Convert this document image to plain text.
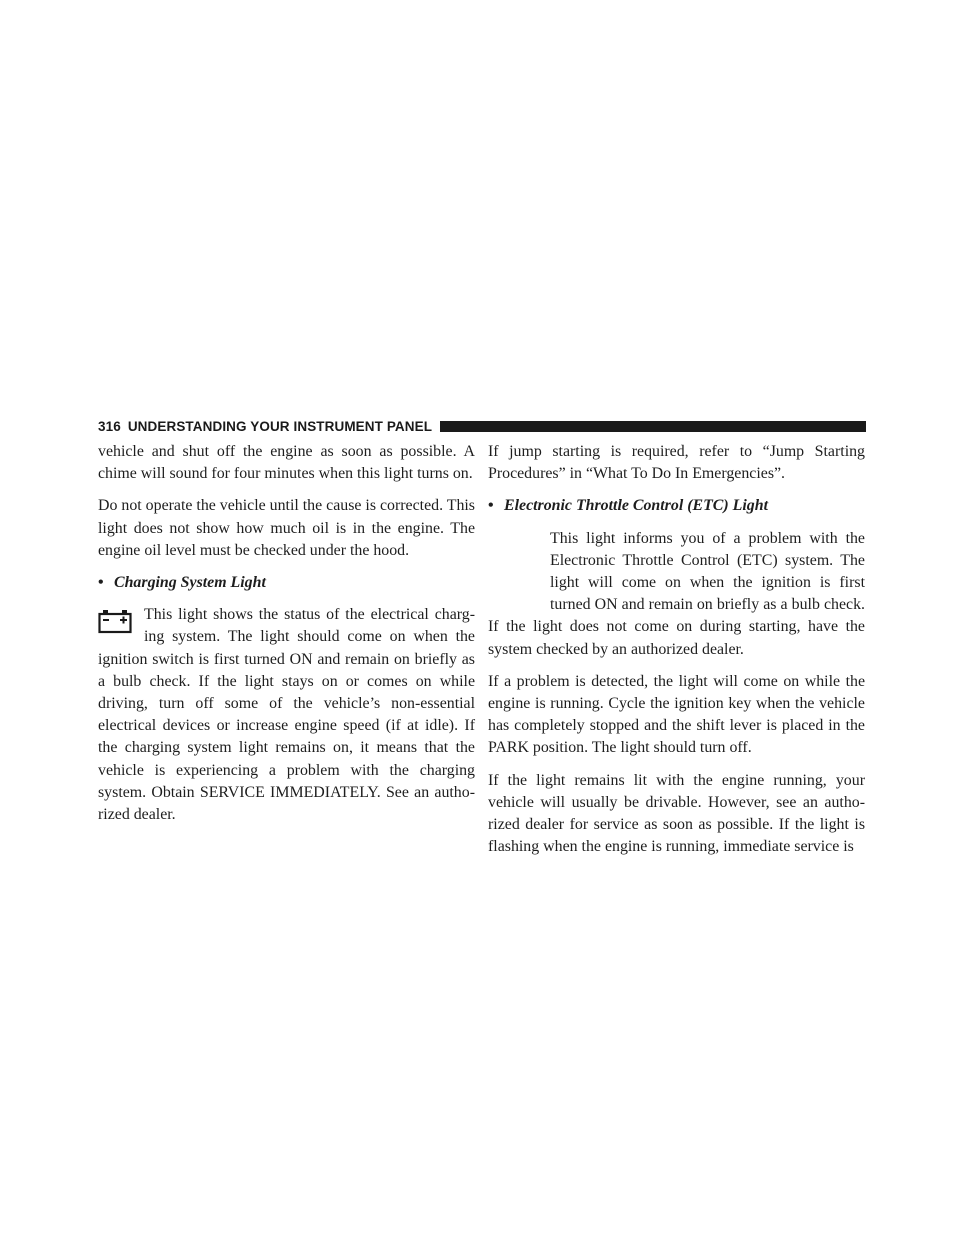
316 UNDERSTANDING YOUR INSTRUMENT PANEL

vehicle and shut off the engine as soon as possible. A chime will sound for four minutes when this light turns on.

Do not operate the vehicle until the cause is corrected. This light does not show how much oil is in the engine. The engine oil level must be checked under the hood.

• Charging System Light

This light shows the status of the electrical charg-ing system. The light should come on when the ignition switch is first turned ON and remain on briefly as a bulb check. If the light stays on or comes on while driving, turn off some of the vehicle’s non-essential electrical devices or increase engine speed (if at idle). If the charging system light remains on, it means that the vehicle is experiencing a problem with the charging system. Obtain SERVICE IMMEDIATELY. See an autho-rized dealer.

If jump starting is required, refer to “Jump Starting Procedures” in “What To Do In Emergencies”.

• Electronic Throttle Control (ETC) Light

This light informs you of a problem with the Electronic Throttle Control (ETC) system. The light will come on when the ignition is first turned ON and remain on briefly as a bulb check. If the light does not come on during starting, have the system checked by an authorized dealer.

If a problem is detected, the light will come on while the engine is running. Cycle the ignition key when the vehicle has completely stopped and the shift lever is placed in the PARK position. The light should turn off.

If the light remains lit with the engine running, your vehicle will usually be drivable. However, see an autho-rized dealer for service as soon as possible. If the light is flashing when the engine is running, immediate service is
